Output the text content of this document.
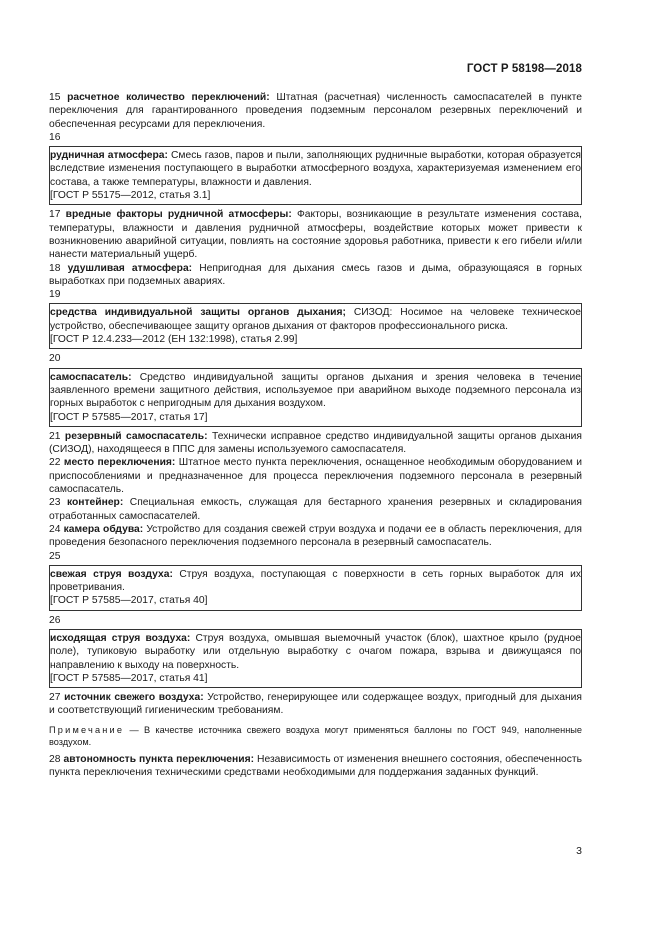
ГОСТ Р 58198—2018

15 расчетное количество переключений: Штатная (расчетная) численность самоспасателей в пункте переключения для гарантированного проведения подземным персоналом резервных переключений и обеспеченная ресурсами для переключения.

16

рудничная атмосфера: Смесь газов, паров и пыли, заполняющих рудничные выработки, которая образуется вследствие изменения поступающего в выработки атмосферного воздуха, характеризуемая изменением его состава, а также температуры, влажности и давления.

[ГОСТ Р 55175—2012, статья 3.1]

17 вредные факторы рудничной атмосферы: Факторы, возникающие в результате изменения состава, температуры, влажности и давления рудничной атмосферы, воздействие которых может привести к возникновению аварийной ситуации, повлиять на состояние здоровья работника, привести к его гибели и/или нанести материальный ущерб.

18 удушливая атмосфера: Непригодная для дыхания смесь газов и дыма, образующаяся в горных выработках при подземных авариях.

19

средства индивидуальной защиты органов дыхания; СИЗОД: Носимое на человеке техническое устройство, обеспечивающее защиту органов дыхания от факторов профессионального риска.

[ГОСТ Р 12.4.233—2012 (ЕН 132:1998), статья 2.99]

20

самоспасатель: Средство индивидуальной защиты органов дыхания и зрения человека в течение заявленного времени защитного действия, используемое при аварийном выходе подземного персонала из горных выработок с непригодным для дыхания воздухом.

[ГОСТ Р 57585—2017, статья 17]

21 резервный самоспасатель: Технически исправное средство индивидуальной защиты органов дыхания (СИЗОД), находящееся в ППС для замены используемого самоспасателя.

22 место переключения: Штатное место пункта переключения, оснащенное необходимым оборудованием и приспособлениями и предназначенное для процесса переключения подземного персонала в резервный самоспасатель.

23 контейнер: Специальная емкость, служащая для бестарного хранения резервных и складирования отработанных самоспасателей.

24 камера обдува: Устройство для создания свежей струи воздуха и подачи ее в область переключения, для проведения безопасного переключения подземного персонала в резервный самоспасатель.

25

свежая струя воздуха: Струя воздуха, поступающая с поверхности в сеть горных выработок для их проветривания.

[ГОСТ Р 57585—2017, статья 40]

26

исходящая струя воздуха: Струя воздуха, омывшая выемочный участок (блок), шахтное крыло (рудное поле), тупиковую выработку или отдельную выработку с очагом пожара, взрыва и движущаяся по направлению к выходу на поверхность.

[ГОСТ Р 57585—2017, статья 41]

27 источник свежего воздуха: Устройство, генерирующее или содержащее воздух, пригодный для дыхания и соответствующий гигиеническим требованиям.

Примечание — В качестве источника свежего воздуха могут применяться баллоны по ГОСТ 949, наполненные воздухом.

28 автономность пункта переключения: Независимость от изменения внешнего состояния, обеспеченность пункта переключения техническими средствами необходимыми для поддержания заданных функций.

3
